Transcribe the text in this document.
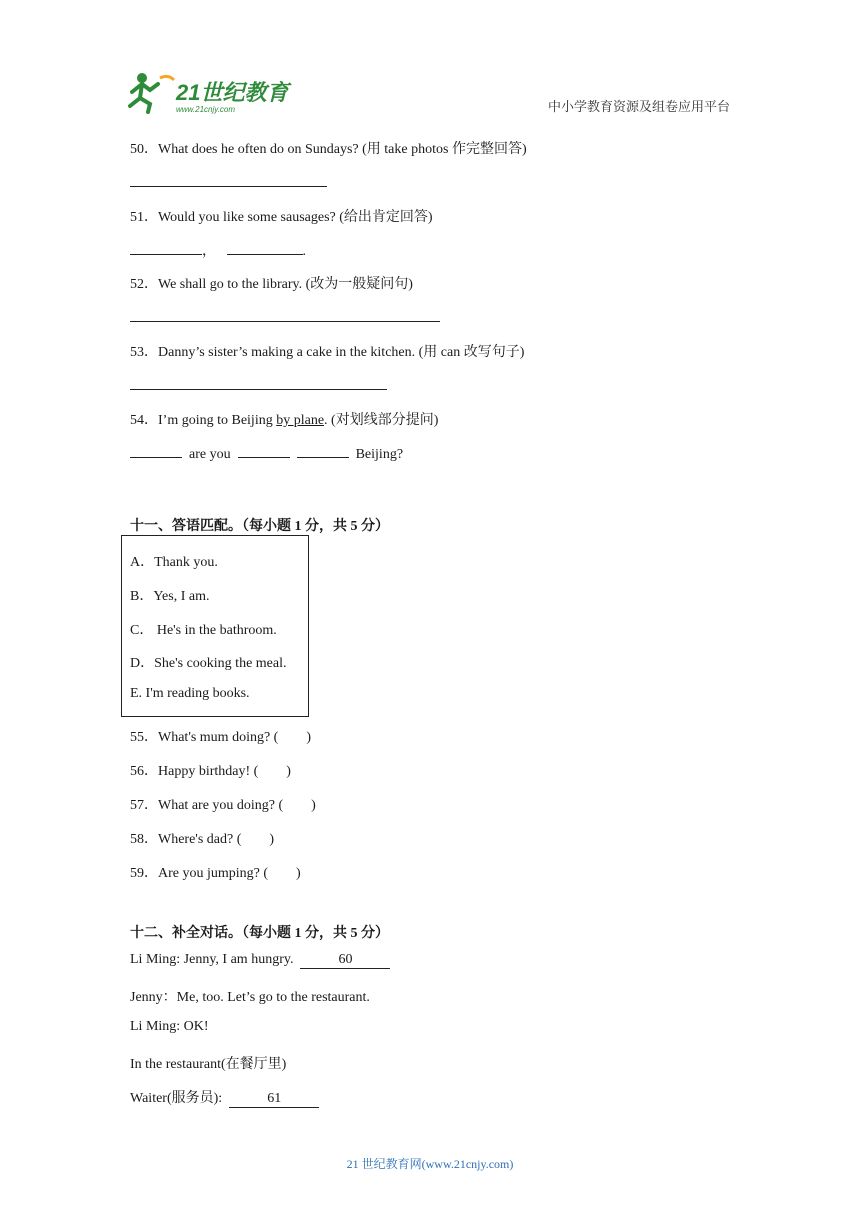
21世纪教育
www.21cnjy.com	中小学教育资源及组卷应用平台
50．What does he often do on Sundays? (用 take photos 作完整回答)
51．Would you like some sausages? (给出肯定回答)
，	.
52．We shall go to the library. (改为一般疑问句)
53．Danny’s sister’s making a cake in the kitchen. (用 can 改写句子)
54．I’m going to Beijing by plane. (对划线部分提问)
are you	Beijing?
十一、答语匹配。（每小题 1 分，共 5 分）
A．Thank you.
B．Yes, I am.
C． He's in the bathroom.
D．She's cooking the meal.
E. I'm reading books.
55．What's mum doing? (        )
56．Happy birthday! (        )
57．What are you doing? (        )
58．Where's dad? (        )
59．Are you jumping? (        )
十二、补全对话。（每小题 1 分，共 5 分）
Li Ming: Jenny, I am hungry.	60
Jenny：Me, too. Let’s go to the restaurant.
Li Ming: OK!
In the restaurant(在餐厅里)
Waiter(服务员):	61
21 世纪教育网(www.21cnjy.com)
